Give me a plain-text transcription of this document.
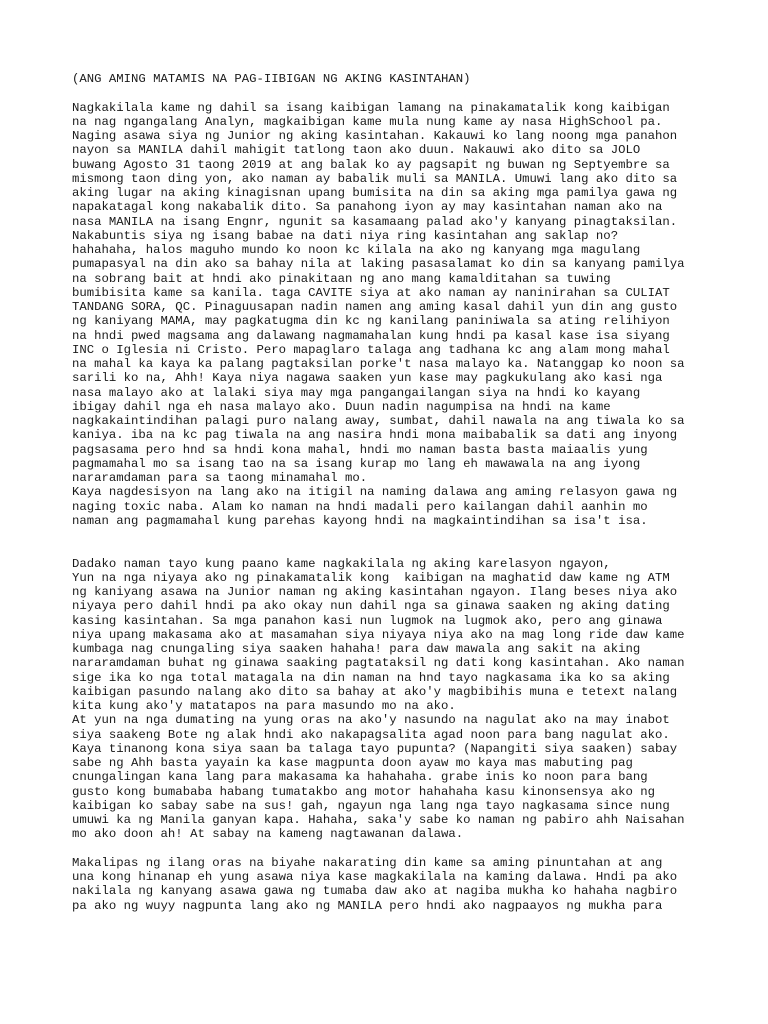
(ANG AMING MATAMIS NA PAG-IIBIGAN NG AKING KASINTAHAN)
Nagkakilala kame ng dahil sa isang kaibigan lamang na pinakamatalik kong kaibigan
na nag ngangalang Analyn, magkaibigan kame mula nung kame ay nasa HighSchool pa.
Naging asawa siya ng Junior ng aking kasintahan. Kakauwi ko lang noong mga panahon
nayon sa MANILA dahil mahigit tatlong taon ako duun. Nakauwi ako dito sa JOLO
buwang Agosto 31 taong 2019 at ang balak ko ay pagsapit ng buwan ng Septyembre sa
mismong taon ding yon, ako naman ay babalik muli sa MANILA. Umuwi lang ako dito sa
aking lugar na aking kinagisnan upang bumisita na din sa aking mga pamilya gawa ng
napakatagal kong nakabalik dito. Sa panahong iyon ay may kasintahan naman ako na
nasa MANILA na isang Engnr, ngunit sa kasamaang palad ako'y kanyang pinagtaksilan.
Nakabuntis siya ng isang babae na dati niya ring kasintahan ang saklap no?
hahahaha, halos maguho mundo ko noon kc kilala na ako ng kanyang mga magulang
pumapasyal na din ako sa bahay nila at laking pasasalamat ko din sa kanyang pamilya
na sobrang bait at hndi ako pinakitaan ng ano mang kamalditahan sa tuwing
bumibisita kame sa kanila. taga CAVITE siya at ako naman ay naninirahan sa CULIAT
TANDANG SORA, QC. Pinaguusapan nadin namen ang aming kasal dahil yun din ang gusto
ng kaniyang MAMA, may pagkatugma din kc ng kanilang paniniwala sa ating relihiyon
na hndi pwed magsama ang dalawang nagmamahalan kung hndi pa kasal kase isa siyang
INC o Iglesia ni Cristo. Pero mapaglaro talaga ang tadhana kc ang alam mong mahal
na mahal ka kaya ka palang pagtaksilan porke't nasa malayo ka. Natanggap ko noon sa
sarili ko na, Ahh! Kaya niya nagawa saaken yun kase may pagkukulang ako kasi nga
nasa malayo ako at lalaki siya may mga pangangailangan siya na hndi ko kayang
ibigay dahil nga eh nasa malayo ako. Duun nadin nagumpisa na hndi na kame
nagkakaintindihan palagi puro nalang away, sumbat, dahil nawala na ang tiwala ko sa
kaniya. iba na kc pag tiwala na ang nasira hndi mona maibabalik sa dati ang inyong
pagsasama pero hnd sa hndi kona mahal, hndi mo naman basta basta maiaalis yung
pagmamahal mo sa isang tao na sa isang kurap mo lang eh mawawala na ang iyong
nararamdaman para sa taong minamahal mo.
Kaya nagdesisyon na lang ako na itigil na naming dalawa ang aming relasyon gawa ng
naging toxic naba. Alam ko naman na hndi madali pero kailangan dahil aanhin mo
naman ang pagmamahal kung parehas kayong hndi na magkaintindihan sa isa't isa.
Dadako naman tayo kung paano kame nagkakilala ng aking karelasyon ngayon,
Yun na nga niyaya ako ng pinakamatalik kong  kaibigan na maghatid daw kame ng ATM
ng kaniyang asawa na Junior naman ng aking kasintahan ngayon. Ilang beses niya ako
niyaya pero dahil hndi pa ako okay nun dahil nga sa ginawa saaken ng aking dating
kasing kasintahan. Sa mga panahon kasi nun lugmok na lugmok ako, pero ang ginawa
niya upang makasama ako at masamahan siya niyaya niya ako na mag long ride daw kame
kumbaga nag cnungaling siya saaken hahaha! para daw mawala ang sakit na aking
nararamdaman buhat ng ginawa saaking pagtataksil ng dati kong kasintahan. Ako naman
sige ika ko nga total matagala na din naman na hnd tayo nagkasama ika ko sa aking
kaibigan pasundo nalang ako dito sa bahay at ako'y magbibihis muna e tetext nalang
kita kung ako'y matatapos na para masundo mo na ako.
At yun na nga dumating na yung oras na ako'y nasundo na nagulat ako na may inabot
siya saakeng Bote ng alak hndi ako nakapagsalita agad noon para bang nagulat ako.
Kaya tinanong kona siya saan ba talaga tayo pupunta? (Napangiti siya saaken) sabay
sabe ng Ahh basta yayain ka kase magpunta doon ayaw mo kaya mas mabuting pag
cnungalingan kana lang para makasama ka hahahaha. grabe inis ko noon para bang
gusto kong bumababa habang tumatakbo ang motor hahahaha kasu kinonsensya ako ng
kaibigan ko sabay sabe na sus! gah, ngayun nga lang nga tayo nagkasama since nung
umuwi ka ng Manila ganyan kapa. Hahaha, saka'y sabe ko naman ng pabiro ahh Naisahan
mo ako doon ah! At sabay na kameng nagtawanan dalawa.
Makalipas ng ilang oras na biyahe nakarating din kame sa aming pinuntahan at ang
una kong hinanap eh yung asawa niya kase magkakilala na kaming dalawa. Hndi pa ako
nakilala ng kanyang asawa gawa ng tumaba daw ako at nagiba mukha ko hahaha nagbiro
pa ako ng wuyy nagpunta lang ako ng MANILA pero hndi ako nagpaayos ng mukha para
